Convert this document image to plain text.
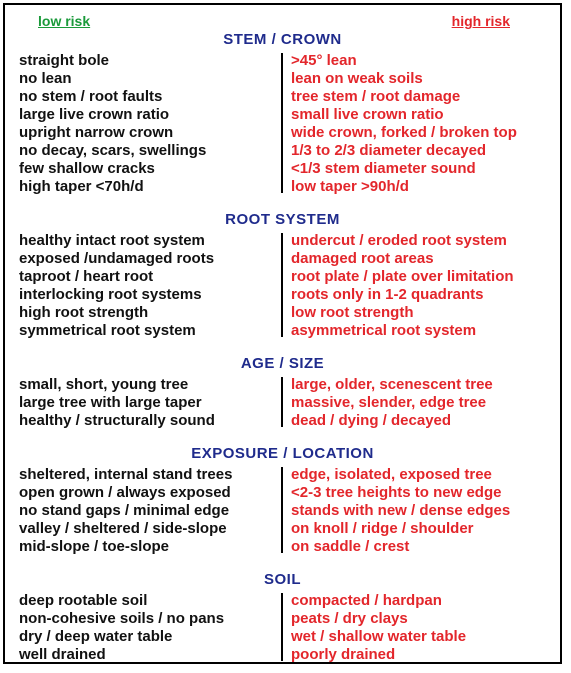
low risk	high risk
STEM / CROWN
straight bole	>45° lean
no lean	lean on weak soils
no stem / root faults	tree stem / root damage
large live crown ratio	small live crown ratio
upright narrow crown	wide crown, forked / broken top
no decay, scars, swellings	1/3 to 2/3 diameter decayed
few shallow cracks	<1/3 stem diameter sound
high taper <70h/d	low taper >90h/d
ROOT SYSTEM
healthy intact root system	undercut / eroded root system
exposed /undamaged roots	damaged root areas
taproot / heart root	root plate / plate over limitation
interlocking root systems	roots only in 1-2 quadrants
high root strength	low root strength
symmetrical root system	asymmetrical root system
AGE / SIZE
small, short, young tree	large, older, scenescent tree
large tree with large taper	massive, slender, edge tree
healthy / structurally sound	dead / dying / decayed
EXPOSURE / LOCATION
sheltered, internal stand trees	edge, isolated, exposed tree
open grown / always exposed	<2-3 tree heights to new edge
no stand gaps / minimal edge	stands with new / dense edges
valley / sheltered / side-slope	on knoll / ridge / shoulder
mid-slope / toe-slope	on saddle / crest
SOIL
deep rootable soil	compacted / hardpan
non-cohesive soils / no pans	peats / dry clays
dry / deep water table	wet / shallow water table
well drained	poorly drained
